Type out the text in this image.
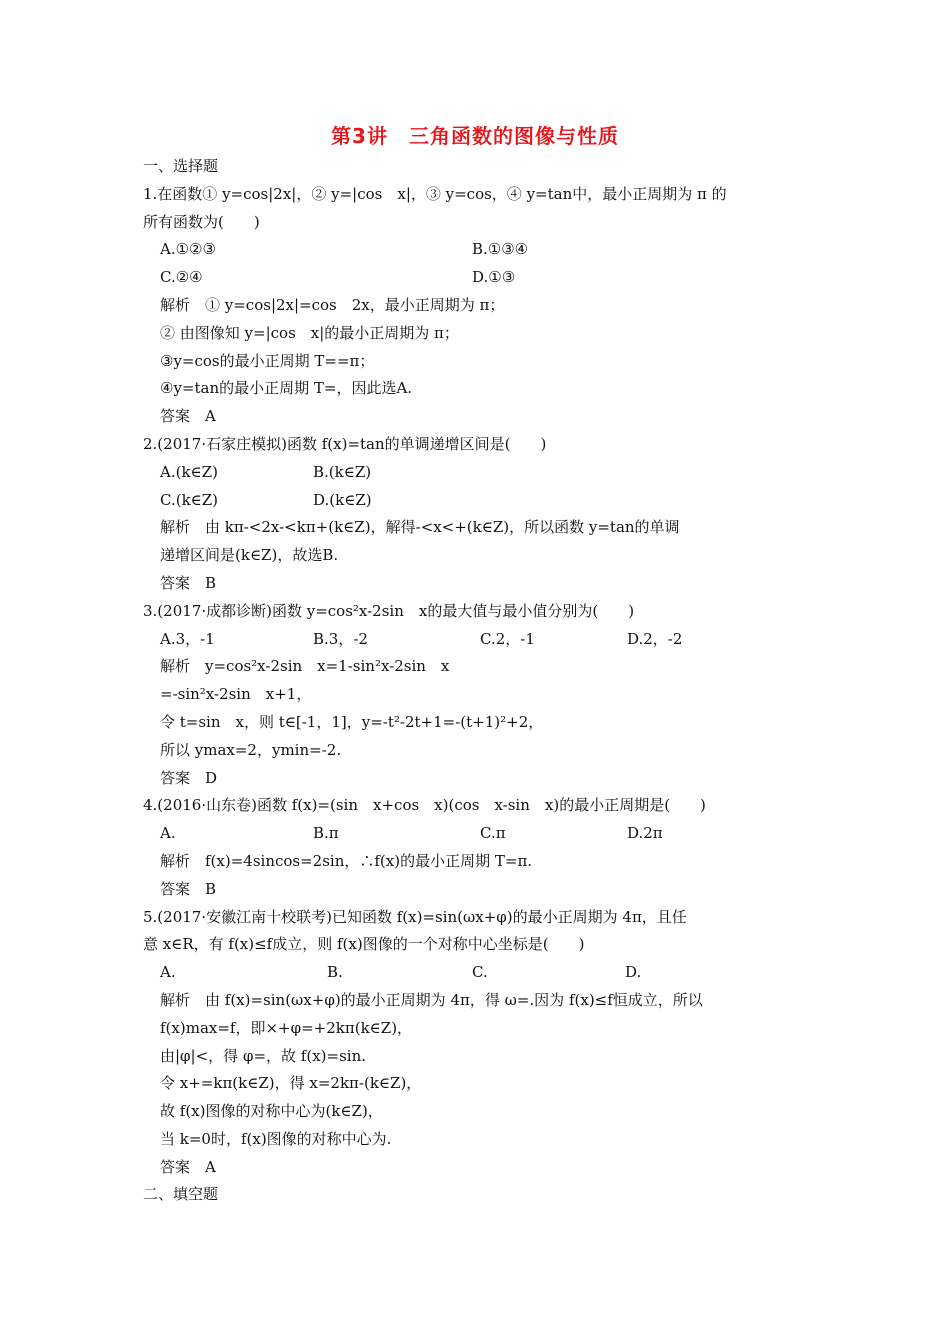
第3讲　三角函数的图像与性质
一、选择题
1.在函数① y=cos|2x|，② y=|cos　x|，③ y=cos，④ y=tan中，最小正周期为 π 的
所有函数为(　　)
A.①②③	B.①③④
C.②④	D.①③
解析　① y=cos|2x|=cos　2x，最小正周期为 π；
② 由图像知 y=|cos　x|的最小正周期为 π；
③y=cos的最小正周期 T==π；
④y=tan的最小正周期 T=，因此选A.
答案　A
2.(2017·石家庄模拟)函数 f(x)=tan的单调递增区间是(　　)
A.(k∈Z)	B.(k∈Z)
C.(k∈Z)	D.(k∈Z)
解析　由 kπ-<2x-<kπ+(k∈Z)，解得-<x<+(k∈Z)，所以函数 y=tan的单调
递增区间是(k∈Z)，故选B.
答案　B
3.(2017·成都诊断)函数 y=cos²x-2sin　x的最大值与最小值分别为(　　)
A.3，-1	B.3，-2	C.2，-1	D.2，-2
解析　y=cos²x-2sin　x=1-sin²x-2sin　x
=-sin²x-2sin　x+1，
令 t=sin　x，则 t∈[-1，1]，y=-t²-2t+1=-(t+1)²+2，
所以 ymax=2，ymin=-2.
答案　D
4.(2016·山东卷)函数 f(x)=(sin　x+cos　x)(cos　x-sin　x)的最小正周期是(　　)
A.	B.π	C.π	D.2π
解析　f(x)=4sincos=2sin，∴f(x)的最小正周期 T=π.
答案　B
5.(2017·安徽江南十校联考)已知函数 f(x)=sin(ωx+φ)的最小正周期为 4π，且任
意 x∈R，有 f(x)≤f成立，则 f(x)图像的一个对称中心坐标是(　　)
A.	B.	C.	D.
解析　由 f(x)=sin(ωx+φ)的最小正周期为 4π，得 ω=.因为 f(x)≤f恒成立，所以
f(x)max=f，即×+φ=+2kπ(k∈Z)，
由|φ|<，得 φ=，故 f(x)=sin.
令 x+=kπ(k∈Z)，得 x=2kπ-(k∈Z)，
故 f(x)图像的对称中心为(k∈Z)，
当 k=0时，f(x)图像的对称中心为.
答案　A
二、填空题
